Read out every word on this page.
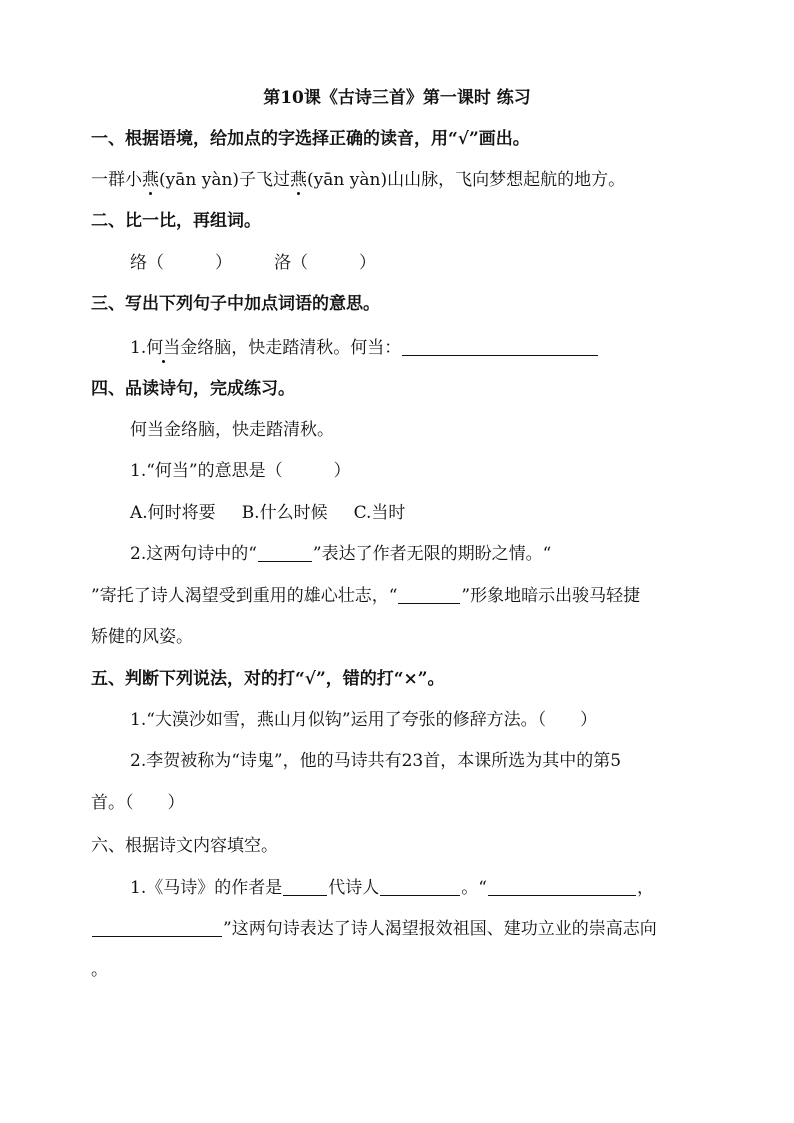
第10课《古诗三首》第一课时 练习
一、根据语境，给加点的字选择正确的读音，用“√”画出。
一群小燕(yān yàn)子飞过燕(yān yàn)山山脉，飞向梦想起航的地方。
二、比一比，再组词。
络（　　　） 洛（　　　）
三、写出下列句子中加点词语的意思。
1.何当金络脑，快走踏清秋。何当：
四、品读诗句，完成练习。
何当金络脑，快走踏清秋。
1.“何当”的意思是（　　　）
A.何时将要 B.什么时候 C.当时
2.这两句诗中的“	”表达了作者无限的期盼之情。“
”寄托了诗人渴望受到重用的雄心壮志，“	”形象地暗示出骏马轻捷
矫健的风姿。
五、判断下列说法，对的打“√”，错的打“×”。
1.“大漠沙如雪，燕山月似钩”运用了夸张的修辞方法。（　　）
2.李贺被称为“诗鬼”，他的马诗共有23首，本课所选为其中的第5
首。（　　）
六、根据诗文内容填空。
1.《马诗》的作者是	代诗人	。“	，
”这两句诗表达了诗人渴望报效祖国、建功立业的崇高志向
。
